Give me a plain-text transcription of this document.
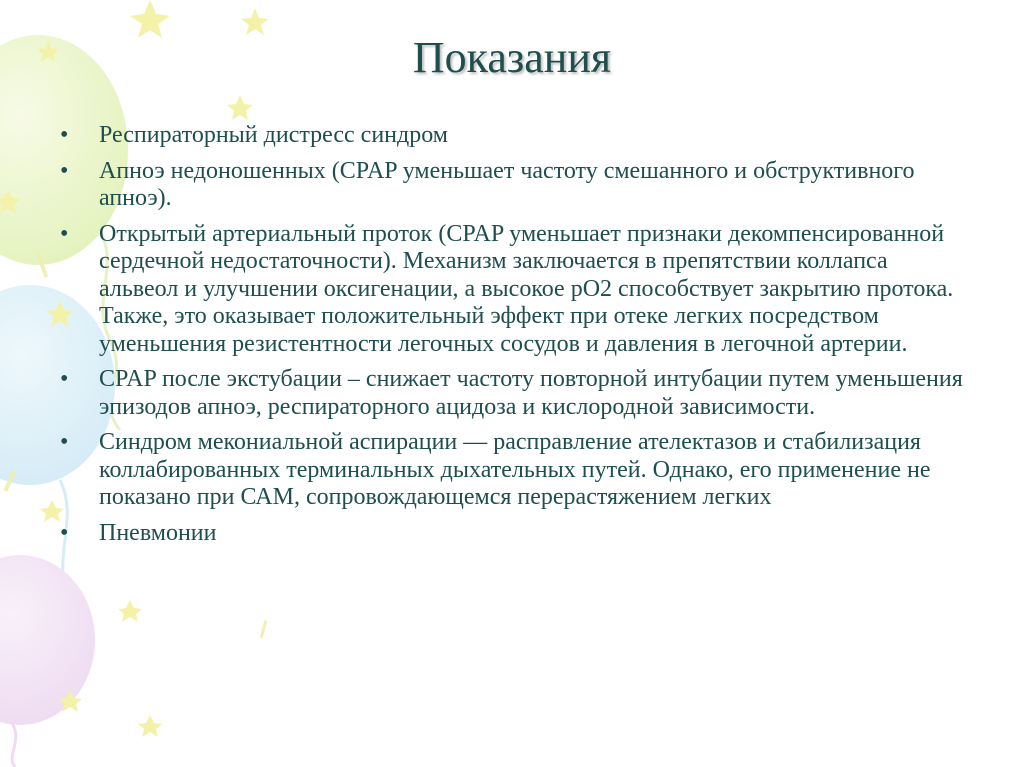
Показания
•	Респираторный дистресс синдром
•	Апноэ недоношенных (CPAP уменьшает частоту смешанного и обструктивного апноэ).
•	Открытый артериальный проток (CPAP уменьшает признаки декомпенсированной сердечной недостаточности). Механизм заключается в препятствии коллапса альвеол и улучшении оксигенации, а высокое рО2 способствует закрытию протока. Также, это оказывает положительный эффект при отеке легких посредством уменьшения резистентности легочных сосудов и давления в легочной артерии.
•	CPAP после экстубации – снижает частоту повторной интубации путем уменьшения эпизодов апноэ, респираторного ацидоза и кислородной зависимости.
•	Синдром мекониальной аспирации — расправление ателектазов и стабилизация коллабированных терминальных дыхательных путей. Однако, его применение не показано при САМ, сопровождающемся перерастяжением легких
•	Пневмонии
